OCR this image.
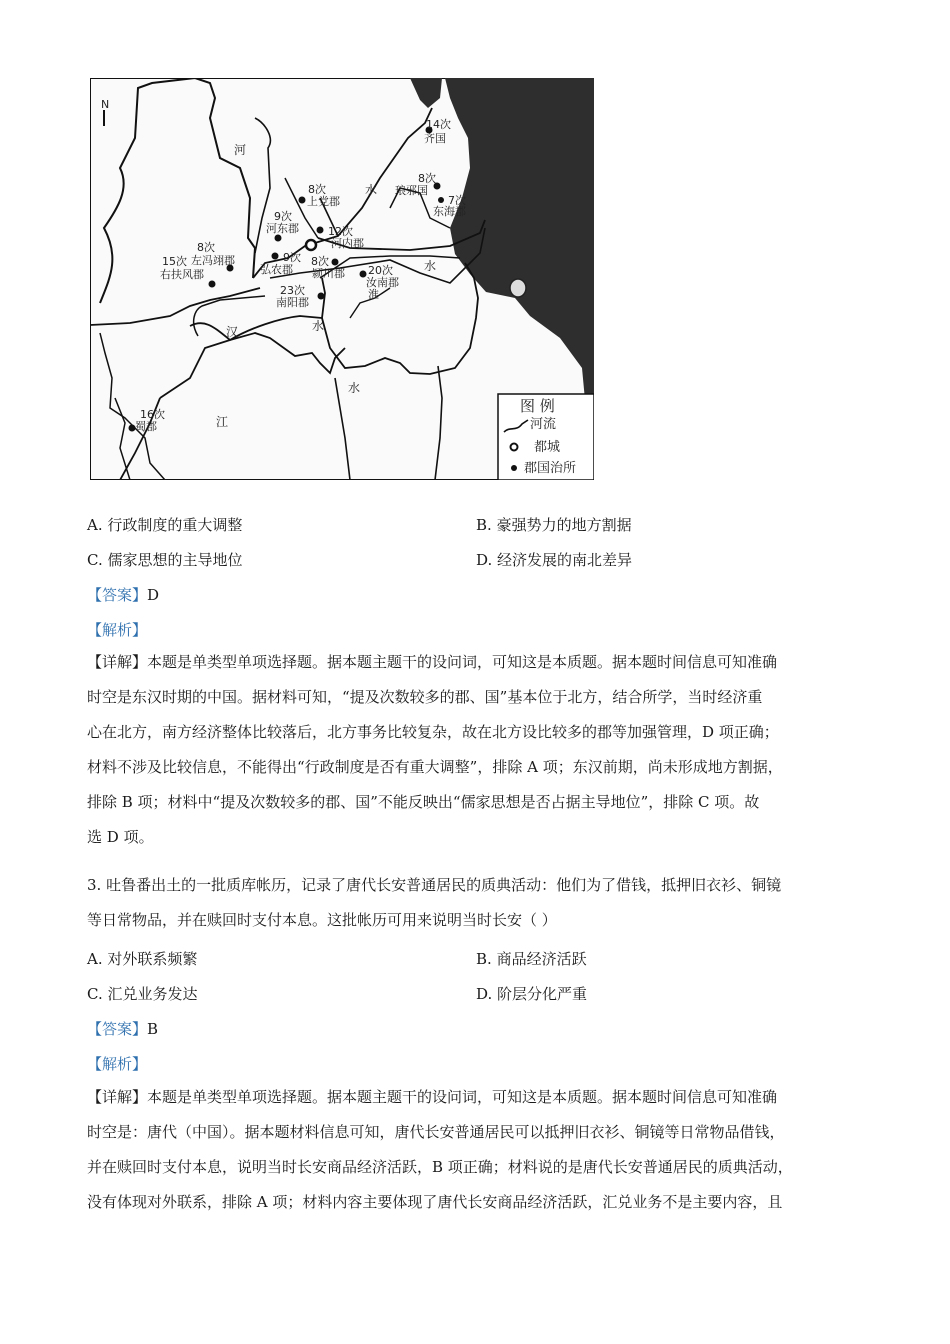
N
河
水
水
汉	水
江
水
14次
齐国
8次
琅邪国
7次
东海郡
8次
上党郡
9次
河东郡	12次
河内郡
8次
左冯翊郡
15次
右扶风郡
9次
弘农郡
8次
颍川郡 20次
汝南郡
淮
23次
南阳郡
16次
蜀郡
图 例
河流
都城
郡国治所
A. 行政制度的重大调整	B. 豪强势力的地方割据
C. 儒家思想的主导地位	D. 经济发展的南北差异
【答案】D
【解析】
【详解】本题是单类型单项选择题。据本题主题干的设问词，可知这是本质题。据本题时间信息可知准确
时空是东汉时期的中国。据材料可知，“提及次数较多的郡、国”基本位于北方，结合所学，当时经济重
心在北方，南方经济整体比较落后，北方事务比较复杂，故在北方设比较多的郡等加强管理，D 项正确；
材料不涉及比较信息，不能得出“行政制度是否有重大调整”，排除 A 项；东汉前期，尚未形成地方割据，
排除 B 项；材料中“提及次数较多的郡、国”不能反映出“儒家思想是否占据主导地位”，排除 C 项。故
选 D 项。
3. 吐鲁番出土的一批质库帐历，记录了唐代长安普通居民的质典活动：他们为了借钱，抵押旧衣衫、铜镜
等日常物品，并在赎回时支付本息。这批帐历可用来说明当时长安（ ）
A. 对外联系频繁	B. 商品经济活跃
C. 汇兑业务发达	D. 阶层分化严重
【答案】B
【解析】
【详解】本题是单类型单项选择题。据本题主题干的设问词，可知这是本质题。据本题时间信息可知准确
时空是：唐代（中国）。据本题材料信息可知，唐代长安普通居民可以抵押旧衣衫、铜镜等日常物品借钱，
并在赎回时支付本息，说明当时长安商品经济活跃，B 项正确；材料说的是唐代长安普通居民的质典活动，
没有体现对外联系，排除 A 项；材料内容主要体现了唐代长安商品经济活跃，汇兑业务不是主要内容，且
